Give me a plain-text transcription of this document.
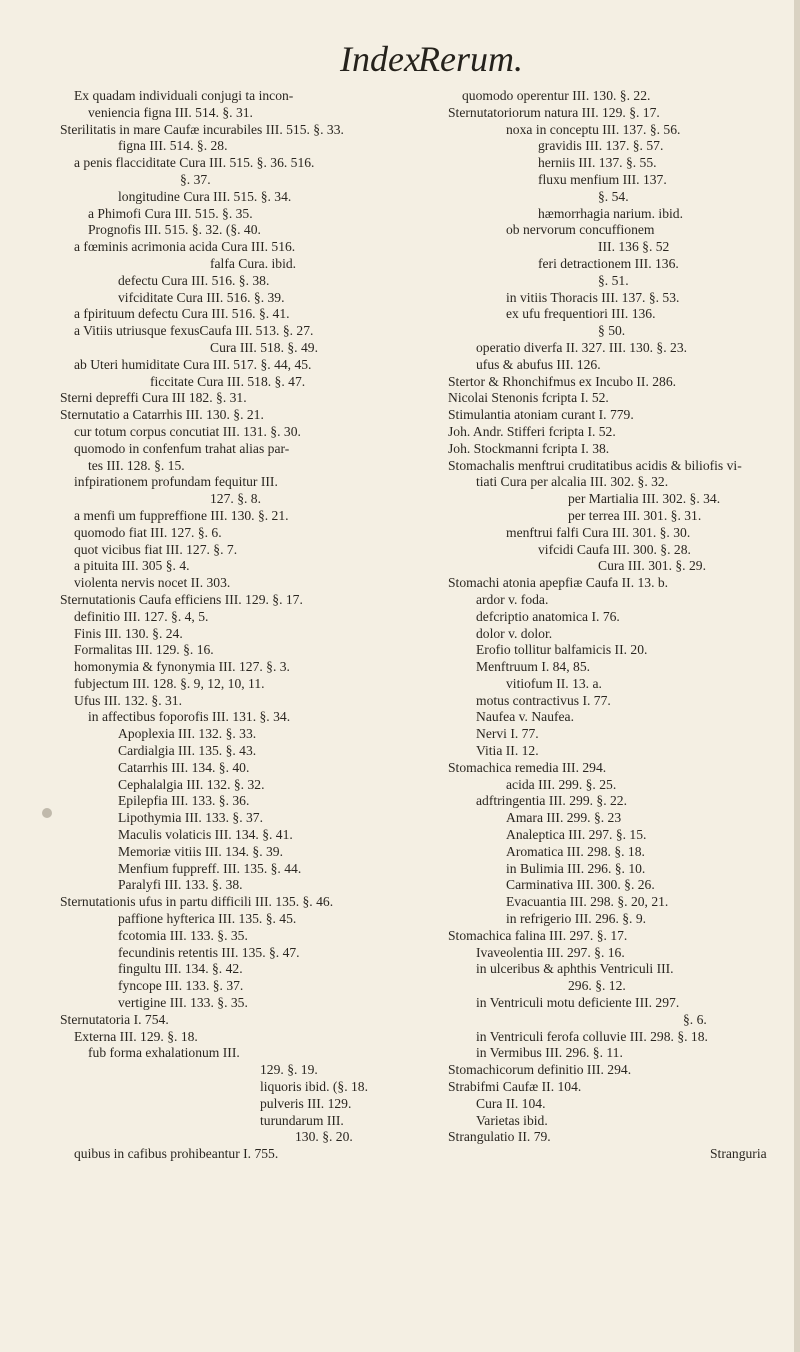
Index
Rerum.
Ex quadam individuali conjugi ta incon-
veniencia figna III. 514. §. 31.
Sterilitatis in mare Caufæ incurabiles III. 515. §. 33.
figna III. 514. §. 28.
a penis flacciditate Cura III. 515. §. 36. 516.
§. 37.
longitudine Cura III. 515. §. 34.
a Phimofi Cura III. 515. §. 35.
Prognofis III. 515. §. 32. (§. 40.
a fœminis acrimonia acida Cura III. 516.
falfa Cura. ibid.
defectu Cura III. 516. §. 38.
vifciditate Cura III. 516. §. 39.
a fpirituum defectu Cura III. 516. §. 41.
a Vitiis utriusque fexusCaufa III. 513. §. 27.
Cura III. 518. §. 49.
ab Uteri humiditate Cura III. 517. §. 44, 45.
ficcitate Cura III. 518. §. 47.
Sterni depreffi Cura III 182. §. 31.
Sternutatio a Catarrhis III. 130. §. 21.
cur totum corpus concutiat III. 131. §. 30.
quomodo in confenfum trahat alias par-
tes III. 128. §. 15.
infpirationem profundam fequitur III.
127. §. 8.
a menfi um fuppreffione III. 130. §. 21.
quomodo fiat III. 127. §. 6.
quot vicibus fiat III. 127. §. 7.
a pituita III. 305 §. 4.
violenta nervis nocet II. 303.
Sternutationis Caufa efficiens III. 129. §. 17.
definitio III. 127. §. 4, 5.
Finis III. 130. §. 24.
Formalitas III. 129. §. 16.
homonymia & fynonymia III. 127. §. 3.
fubjectum III. 128. §. 9, 12, 10, 11.
Ufus III. 132. §. 31.
in affectibus foporofis III. 131. §. 34.
Apoplexia III. 132. §. 33.
Cardialgia III. 135. §. 43.
Catarrhis III. 134. §. 40.
Cephalalgia III. 132. §. 32.
Epilepfia III. 133. §. 36.
Lipothymia III. 133. §. 37.
Maculis volaticis III. 134. §. 41.
Memoriæ vitiis III. 134. §. 39.
Menfium fuppreff. III. 135. §. 44.
Paralyfi III. 133. §. 38.
Sternutationis ufus in partu difficili III. 135. §. 46.
paffione hyfterica III. 135. §. 45.
fcotomia III. 133. §. 35.
fecundinis retentis III. 135. §. 47.
fingultu III. 134. §. 42.
fyncope III. 133. §. 37.
vertigine III. 133. §. 35.
Sternutatoria I. 754.
Externa III. 129. §. 18.
fub forma exhalationum III.
129. §. 19.
liquoris ibid. (§. 18.
pulveris III. 129.
turundarum III.
130. §. 20.
quibus in cafibus prohibeantur I. 755.
quomodo operentur III. 130. §. 22.
Sternutatoriorum natura III. 129. §. 17.
noxa in conceptu III. 137. §. 56.
gravidis III. 137. §. 57.
herniis III. 137. §. 55.
fluxu menfium III. 137.
§. 54.
hæmorrhagia narium. ibid.
ob nervorum concuffionem
III. 136 §. 52
feri detractionem III. 136.
§. 51.
in vitiis Thoracis III. 137. §. 53.
ex ufu frequentiori III. 136.
§ 50.
operatio diverfa II. 327. III. 130. §. 23.
ufus & abufus III. 126.
Stertor & Rhonchifmus ex Incubo II. 286.
Nicolai Stenonis fcripta I. 52.
Stimulantia atoniam curant I. 779.
Joh. Andr. Stifferi fcripta I. 52.
Joh. Stockmanni fcripta I. 38.
Stomachalis menftrui cruditatibus acidis & biliofis vi-
tiati Cura per alcalia III. 302. §. 32.
per Martialia III. 302. §. 34.
per terrea III. 301. §. 31.
menftrui falfi Cura III. 301. §. 30.
vifcidi Caufa III. 300. §. 28.
Cura III. 301. §. 29.
Stomachi atonia apepfiæ Caufa II. 13. b.
ardor v. foda.
defcriptio anatomica I. 76.
dolor v. dolor.
Erofio tollitur balfamicis II. 20.
Menftruum I. 84, 85.
vitiofum II. 13. a.
motus contractivus I. 77.
Naufea v. Naufea.
Nervi I. 77.
Vitia II. 12.
Stomachica remedia III. 294.
acida III. 299. §. 25.
adftringentia III. 299. §. 22.
Amara III. 299. §. 23
Analeptica III. 297. §. 15.
Aromatica III. 298. §. 18.
in Bulimia III. 296. §. 10.
Carminativa III. 300. §. 26.
Evacuantia III. 298. §. 20, 21.
in refrigerio III. 296. §. 9.
Stomachica falina III. 297. §. 17.
Ivaveolentia III. 297. §. 16.
in ulceribus & aphthis Ventriculi III.
296. §. 12.
in Ventriculi motu deficiente III. 297.
§. 6.
in Ventriculi ferofa colluvie III. 298. §. 18.
in Vermibus III. 296. §. 11.
Stomachicorum definitio III. 294.
Strabifmi Caufæ II. 104.
Cura II. 104.
Varietas ibid.
Strangulatio II. 79.
Stranguria
